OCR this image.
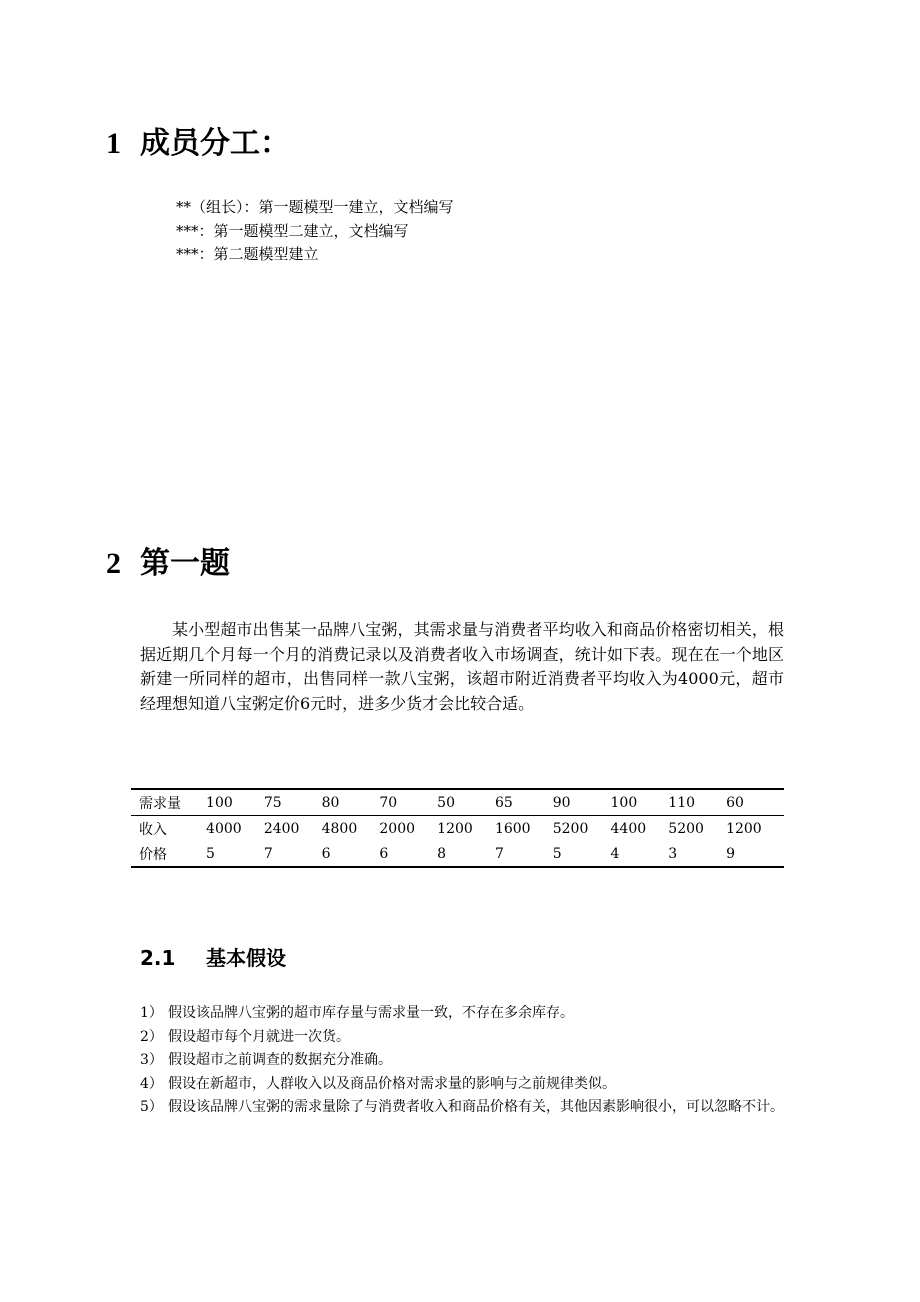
1 成员分工：
**（组长）：第一题模型一建立，文档编写
***：第一题模型二建立，文档编写
***：第二题模型建立
2 第一题
某小型超市出售某一品牌八宝粥，其需求量与消费者平均收入和商品价格密切相关，根据近期几个月每一个月的消费记录以及消费者收入市场调查，统计如下表。现在在一个地区新建一所同样的超市，出售同样一款八宝粥，该超市附近消费者平均收入为4000元，超市经理想知道八宝粥定价6元时，进多少货才会比较合适。
需求量	100	75	80	70	50	65	90	100	110	60
收入	4000	2400	4800	2000	1200	1600	5200	4400	5200	1200
价格	5	7	6	6	8	7	5	4	3	9
2.1 基本假设
1） 假设该品牌八宝粥的超市库存量与需求量一致，不存在多余库存。
2） 假设超市每个月就进一次货。
3） 假设超市之前调查的数据充分准确。
4） 假设在新超市，人群收入以及商品价格对需求量的影响与之前规律类似。
5） 假设该品牌八宝粥的需求量除了与消费者收入和商品价格有关，其他因素影响很小，可以忽略不计。
